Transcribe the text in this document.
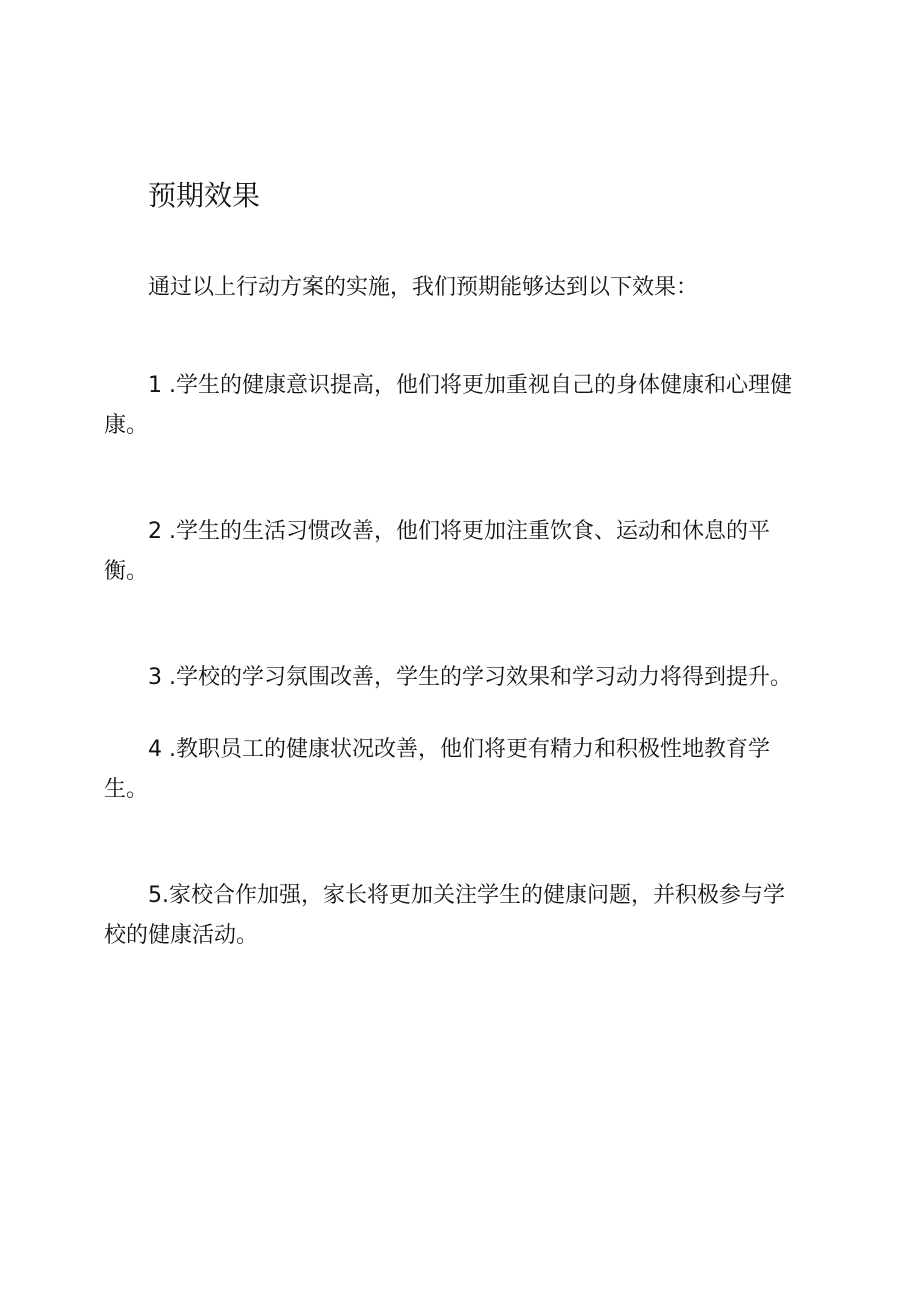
预期效果

通过以上行动方案的实施，我们预期能够达到以下效果：

1 .学生的健康意识提高，他们将更加重视自己的身体健康和心理健
康。
2 .学生的生活习惯改善，他们将更加注重饮食、运动和休息的平
衡。
3 .学校的学习氛围改善，学生的学习效果和学习动力将得到提升。
4 .教职员工的健康状况改善，他们将更有精力和积极性地教育学
生。
5.家校合作加强，家长将更加关注学生的健康问题，并积极参与学
校的健康活动。
